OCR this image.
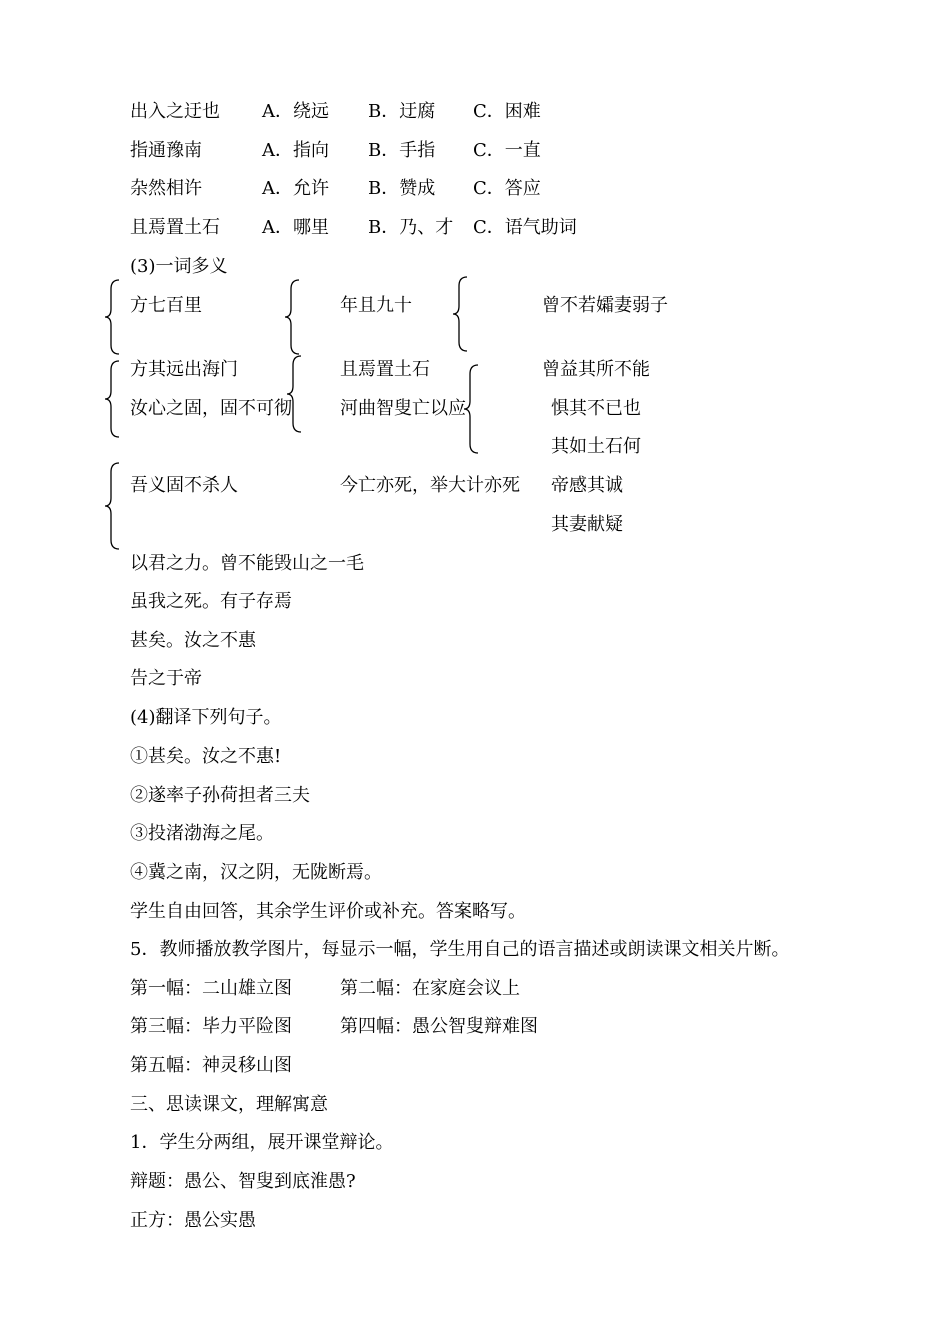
出入之迂也 A．绕远 B．迂腐 C．困难
指通豫南	A．指向 B．手指 C．一直
杂然相许	A．允许 B．赞成 C．答应
且焉置土石 A．哪里 B．乃、才 C．语气助词
(3)一词多义
方七百里	年且九十	曾不若孀妻弱子
方其远出海门	且焉置土石	曾益其所不能
汝心之固，固不可彻	河曲智叟亡以应	惧其不已也
其如土石何
吾义固不杀人	今亡亦死，举大计亦死 帝感其诚
其妻献疑
以君之力。曾不能毁山之一毛
虽我之死。有子存焉
甚矣。汝之不惠
告之于帝
(4)翻译下列句子。
①甚矣。汝之不惠!
②遂率子孙荷担者三夫
③投渚渤海之尾。
④冀之南，汉之阴，无陇断焉。
学生自由回答，其余学生评价或补充。答案略写。
5．教师播放教学图片，每显示一幅，学生用自己的语言描述或朗读课文相关片断。
第一幅：二山雄立图	第二幅：在家庭会议上
第三幅：毕力平险图	第四幅：愚公智叟辩难图
第五幅：神灵移山图
三、思读课文，理解寓意
1．学生分两组，展开课堂辩论。
辩题：愚公、智叟到底淮愚?
正方：愚公实愚
